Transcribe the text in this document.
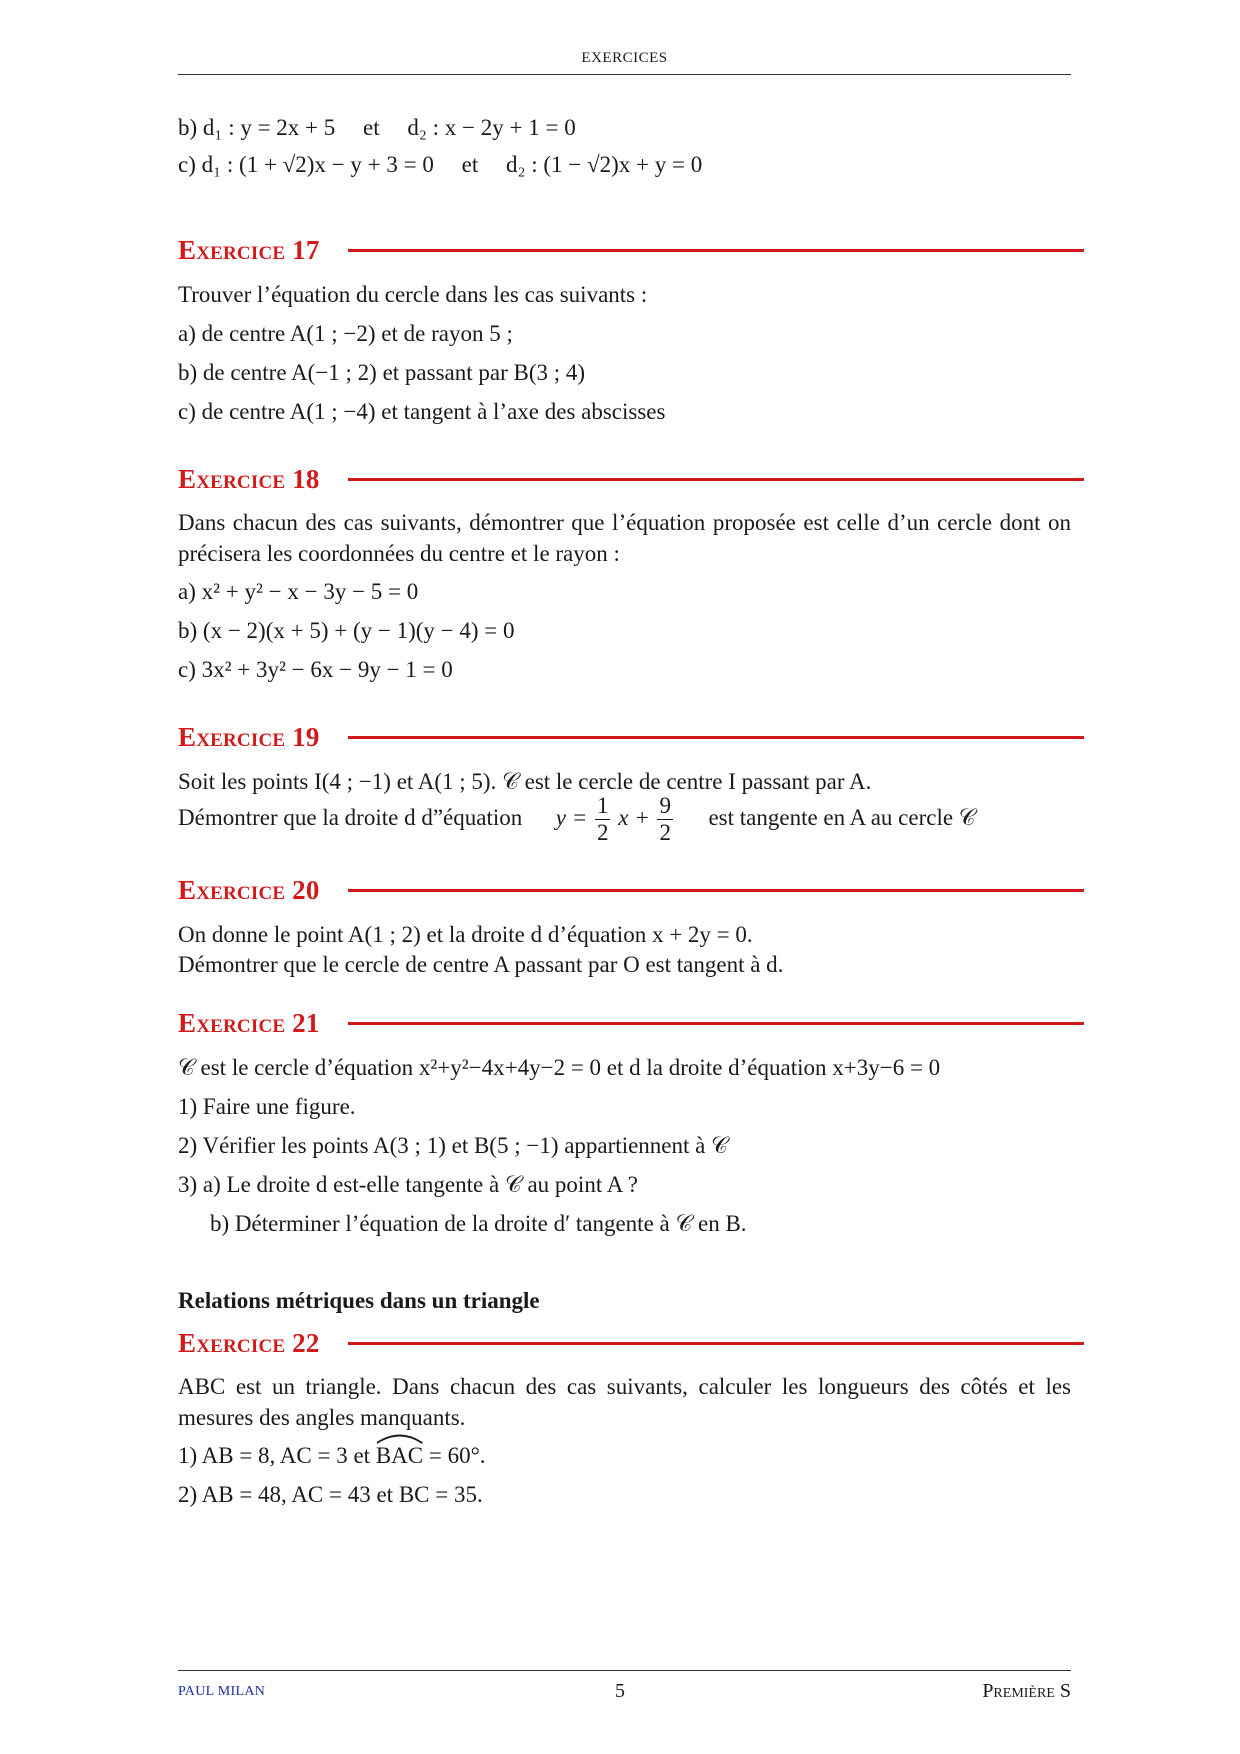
EXERCICES
b) d₁ : y = 2x + 5 et d₂ : x − 2y + 1 = 0
c) d₁ : (1 + √2)x − y + 3 = 0 et d₂ : (1 − √2)x + y = 0
Exercice 17
Trouver l’équation du cercle dans les cas suivants :
a) de centre A(1 ; −2) et de rayon 5 ;
b) de centre A(−1 ; 2) et passant par B(3 ; 4)
c) de centre A(1 ; −4) et tangent à l’axe des abscisses
Exercice 18
Dans chacun des cas suivants, démontrer que l’équation proposée est celle d’un cercle dont on précisera les coordonnées du centre et le rayon :
a) x² + y² − x − 3y − 5 = 0
b) (x − 2)(x + 5) + (y − 1)(y − 4) = 0
c) 3x² + 3y² − 6x − 9y − 1 = 0
Exercice 19
Soit les points I(4 ; −1) et A(1 ; 5). 𝒞 est le cercle de centre I passant par A.
Démontrer que la droite d d”équation $y = \frac{1}{2}$ $x + \frac{9}{2}$ est tangente en A au cercle 𝒞
Exercice 20
On donne le point A(1 ; 2) et la droite d d’équation x + 2y = 0.
Démontrer que le cercle de centre A passant par O est tangent à d.
Exercice 21
𝒞 est le cercle d’équation x²+y²−4x+4y−2 = 0 et d la droite d’équation x+3y−6 = 0
1) Faire une figure.
2) Vérifier les points A(3 ; 1) et B(5 ; −1) appartiennent à 𝒞
3) a) Le droite d est-elle tangente à 𝒞 au point A ?
b) Déterminer l’équation de la droite d′ tangente à 𝒞 en B.
Relations métriques dans un triangle
Exercice 22
ABC est un triangle. Dans chacun des cas suivants, calculer les longueurs des côtés et les mesures des angles manquants.
1) AB = 8, AC = 3 et BAC = 60°.
2) AB = 48, AC = 43 et BC = 35.
PAUL MILAN	5	Première S
